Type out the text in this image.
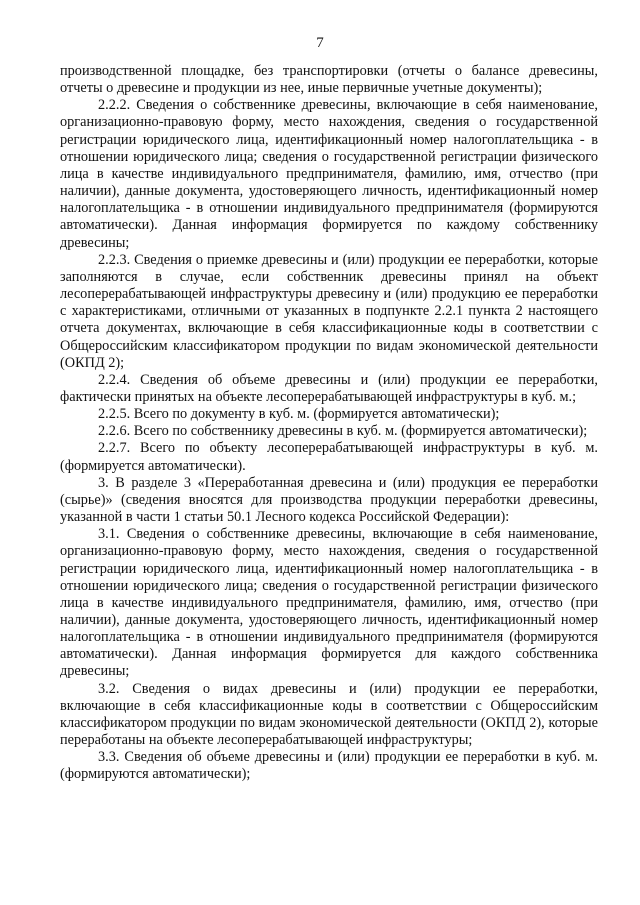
7

производственной площадке, без транспортировки (отчеты о балансе древесины, отчеты о древесине и продукции из нее, иные первичные учетные документы);

2.2.2. Сведения о собственнике древесины, включающие в себя наименование, организационно-правовую форму, место нахождения, сведения о государственной регистрации юридического лица, идентификационный номер налогоплательщика - в отношении юридического лица; сведения о государственной регистрации физического лица в качестве индивидуального предпринимателя, фамилию, имя, отчество (при наличии), данные документа, удостоверяющего личность, идентификационный номер налогоплательщика - в отношении индивидуального предпринимателя (формируются автоматически). Данная информация формируется по каждому собственнику древесины;

2.2.3. Сведения о приемке древесины и (или) продукции ее переработки, которые заполняются в случае, если собственник древесины принял на объект лесоперерабатывающей инфраструктуры древесину и (или) продукцию ее переработки с характеристиками, отличными от указанных в подпункте 2.2.1 пункта 2 настоящего отчета документах, включающие в себя классификационные коды в соответствии с Общероссийским классификатором продукции по видам экономической деятельности (ОКПД 2);

2.2.4. Сведения об объеме древесины и (или) продукции ее переработки, фактически принятых на объекте лесоперерабатывающей инфраструктуры в куб. м.;

2.2.5. Всего по документу в куб. м. (формируется автоматически);

2.2.6. Всего по собственнику древесины в куб. м. (формируется автоматически);

2.2.7. Всего по объекту лесоперерабатывающей инфраструктуры в куб. м. (формируется автоматически).

3. В разделе 3 «Переработанная древесина и (или) продукция ее переработки (сырье)» (сведения вносятся для производства продукции переработки древесины, указанной в части 1 статьи 50.1 Лесного кодекса Российской Федерации):

3.1. Сведения о собственнике древесины, включающие в себя наименование, организационно-правовую форму, место нахождения, сведения о государственной регистрации юридического лица, идентификационный номер налогоплательщика - в отношении юридического лица; сведения о государственной регистрации физического лица в качестве индивидуального предпринимателя, фамилию, имя, отчество (при наличии), данные документа, удостоверяющего личность, идентификационный номер налогоплательщика - в отношении индивидуального предпринимателя (формируются автоматически). Данная информация формируется для каждого собственника древесины;

3.2. Сведения о видах древесины и (или) продукции ее переработки, включающие в себя классификационные коды в соответствии с Общероссийским классификатором продукции по видам экономической деятельности (ОКПД 2), которые переработаны на объекте лесоперерабатывающей инфраструктуры;

3.3. Сведения об объеме древесины и (или) продукции ее переработки в куб. м. (формируются автоматически);
